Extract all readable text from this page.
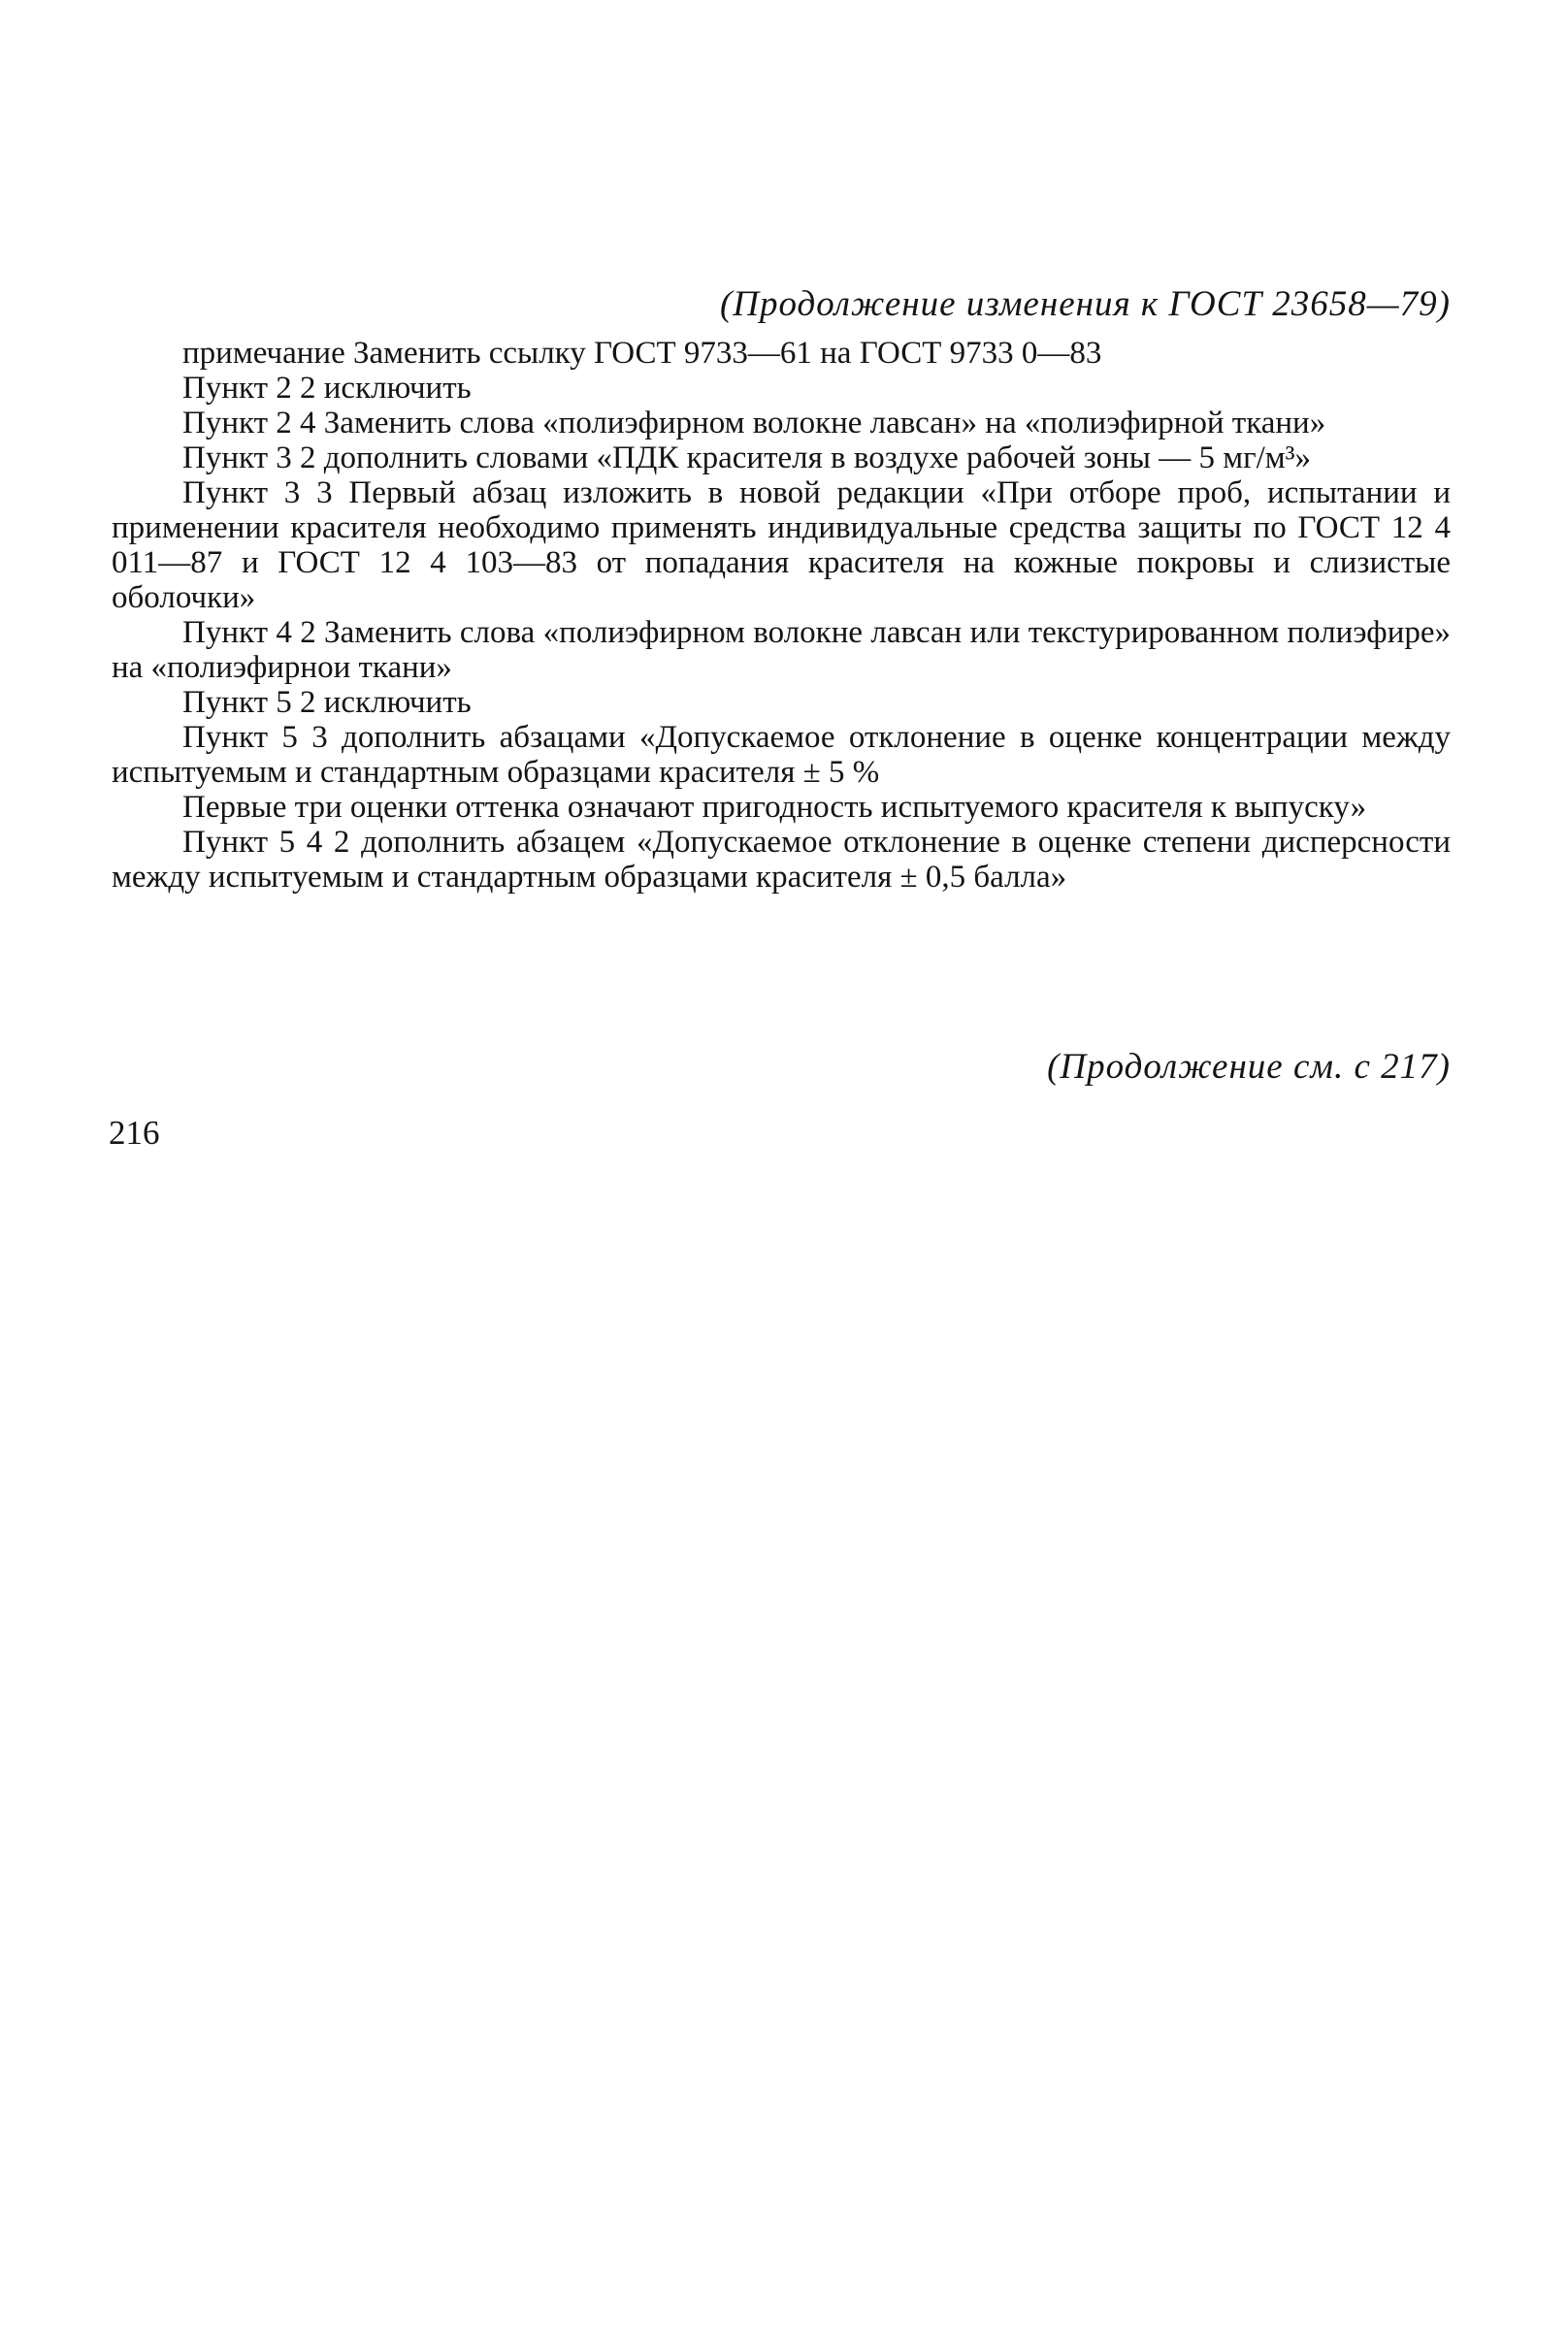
(Продолжение изменения к ГОСТ 23658—79)

примечание Заменить ссылку ГОСТ 9733—61 на ГОСТ 9733 0—83

Пункт 2 2 исключить

Пункт 2 4 Заменить слова «полиэфирном волокне лавсан» на «полиэфирной ткани»

Пункт 3 2 дополнить словами «ПДК красителя в воздухе рабочей зоны — 5 мг/м³»

Пункт 3 3 Первый абзац изложить в новой редакции «При отборе проб, испытании и применении красителя необходимо применять индивидуальные средства защиты по ГОСТ 12 4 011—87 и ГОСТ 12 4 103—83 от попадания красителя на кожные покровы и слизистые оболочки»

Пункт 4 2 Заменить слова «полиэфирном волокне лавсан или текстурированном полиэфире» на «полиэфирнои ткани»

Пункт 5 2 исключить

Пункт 5 3 дополнить абзацами «Допускаемое отклонение в оценке концентрации между испытуемым и стандартным образцами красителя ± 5 %

Первые три оценки оттенка означают пригодность испытуемого красителя к выпуску»

Пункт 5 4 2 дополнить абзацем «Допускаемое отклонение в оценке степени дисперсности между испытуемым и стандартным образцами красителя ± 0,5 балла»

(Продолжение см. с 217)
216
